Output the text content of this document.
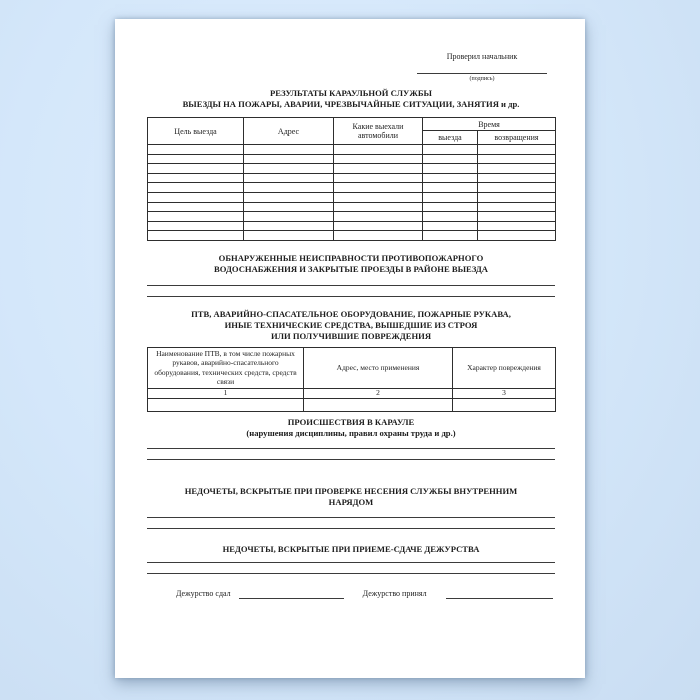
Проверил начальник
(подпись)
РЕЗУЛЬТАТЫ КАРАУЛЬНОЙ СЛУЖБЫ
ВЫЕЗДЫ НА ПОЖАРЫ, АВАРИИ, ЧРЕЗВЫЧАЙНЫЕ СИТУАЦИИ, ЗАНЯТИЯ и др.
Цель выезда	Адрес	Какие выехали автомобили	Время	
			выезда	возвращения

ОБНАРУЖЕННЫЕ НЕИСПРАВНОСТИ ПРОТИВОПОЖАРНОГО
ВОДОСНАБЖЕНИЯ И ЗАКРЫТЫЕ ПРОЕЗДЫ В РАЙОНЕ ВЫЕЗДА
ПТВ, АВАРИЙНО-СПАСАТЕЛЬНОЕ ОБОРУДОВАНИЕ, ПОЖАРНЫЕ РУКАВА,
ИНЫЕ ТЕХНИЧЕСКИЕ СРЕДСТВА, ВЫШЕДШИЕ ИЗ СТРОЯ
ИЛИ ПОЛУЧИВШИЕ ПОВРЕЖДЕНИЯ
Наименование ПТВ, в том числе пожарных рукавов, аварийно-спасательного оборудования, технических средств, средств связи	Адрес, место применения	Характер повреждения
1	2	3

ПРОИСШЕСТВИЯ В КАРАУЛЕ
(нарушения дисциплины, правил охраны труда и др.)
НЕДОЧЕТЫ, ВСКРЫТЫЕ ПРИ ПРОВЕРКЕ НЕСЕНИЯ СЛУЖБЫ ВНУТРЕННИМ
НАРЯДОМ
НЕДОЧЕТЫ, ВСКРЫТЫЕ ПРИ ПРИЕМЕ-СДАЧЕ ДЕЖУРСТВА
Дежурство сдал	Дежурство принял
